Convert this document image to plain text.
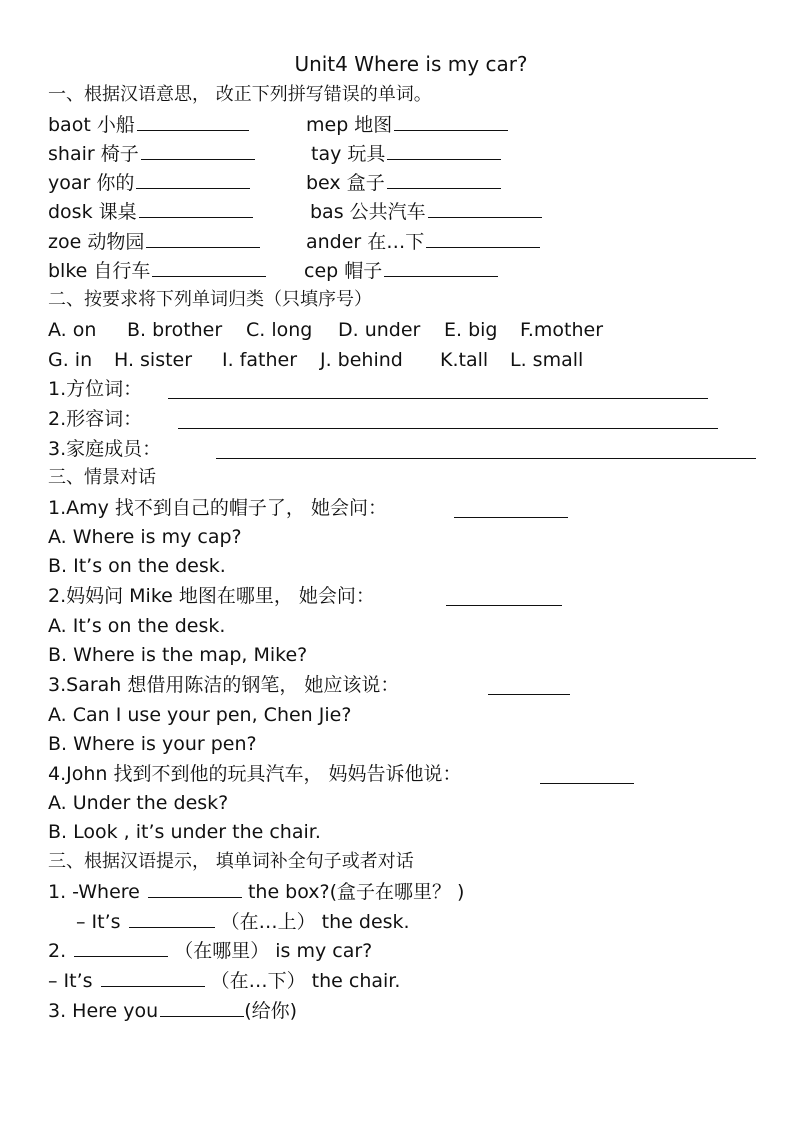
Unit4 Where is my car?
一、根据汉语意思， 改正下列拼写错误的单词。
baot 小船	mep 地图
shair 椅子	tay 玩具
yoar 你的	bex 盒子
dosk 课桌	bas 公共汽车
zoe 动物园	ander 在…下
blke 自行车	cep 帽子
二、按要求将下列单词归类（只填序号）
A. on B. brother C. long D. under E. big F.mother
G. in H. sister I. father J. behind K.tall L. small
1.方位词：
2.形容词：
3.家庭成员：
三、情景对话
1.Amy 找不到自己的帽子了， 她会问：
A. Where is my cap?
B. It’s on the desk.
2.妈妈问 Mike 地图在哪里， 她会问：
A. It’s on the desk.
B. Where is the map, Mike?
3.Sarah 想借用陈洁的钢笔， 她应该说：
A. Can I use your pen, Chen Jie?
B. Where is your pen?
4.John 找到不到他的玩具汽车， 妈妈告诉他说：
A. Under the desk?
B. Look , it’s under the chair.
三、根据汉语提示， 填单词补全句子或者对话
1. -Where	the box?(盒子在哪里？ )
– It’s	（在…上） the desk.
2.	（在哪里） is my car?
– It’s	（在…下） the chair.
3. Here you	(给你)
